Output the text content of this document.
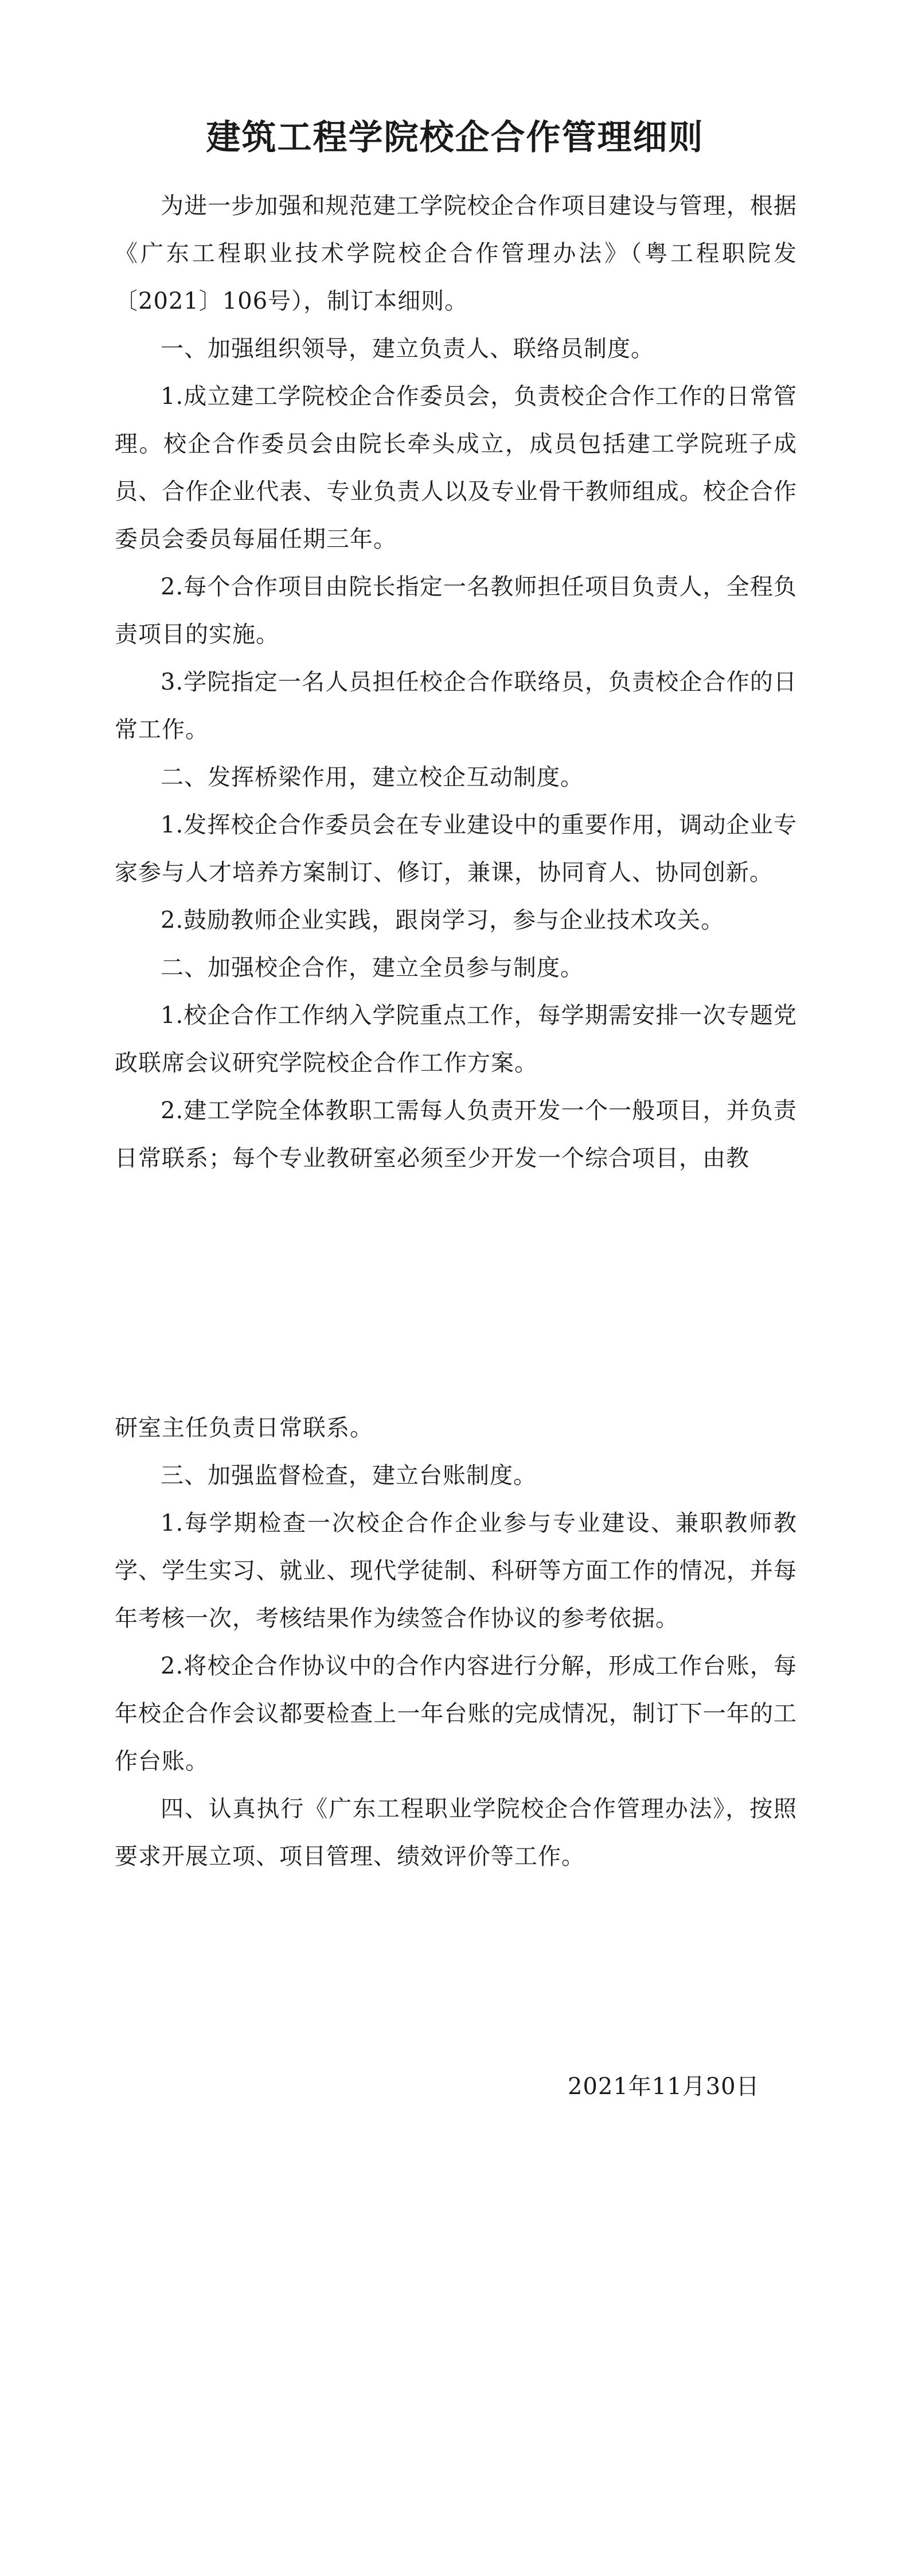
建筑工程学院校企合作管理细则

为进一步加强和规范建工学院校企合作项目建设与管理，根据《广东工程职业技术学院校企合作管理办法》（粤工程职院发〔2021〕106号），制订本细则。

一、加强组织领导，建立负责人、联络员制度。

1.成立建工学院校企合作委员会，负责校企合作工作的日常管理。校企合作委员会由院长牵头成立，成员包括建工学院班子成员、合作企业代表、专业负责人以及专业骨干教师组成。校企合作委员会委员每届任期三年。

2.每个合作项目由院长指定一名教师担任项目负责人，全程负责项目的实施。

3.学院指定一名人员担任校企合作联络员，负责校企合作的日常工作。

二、发挥桥梁作用，建立校企互动制度。

1.发挥校企合作委员会在专业建设中的重要作用，调动企业专家参与人才培养方案制订、修订，兼课，协同育人、协同创新。

2.鼓励教师企业实践，跟岗学习，参与企业技术攻关。

二、加强校企合作，建立全员参与制度。

1.校企合作工作纳入学院重点工作，每学期需安排一次专题党政联席会议研究学院校企合作工作方案。

2.建工学院全体教职工需每人负责开发一个一般项目，并负责日常联系；每个专业教研室必须至少开发一个综合项目，由教

研室主任负责日常联系。

三、加强监督检查，建立台账制度。

1.每学期检查一次校企合作企业参与专业建设、兼职教师教学、学生实习、就业、现代学徒制、科研等方面工作的情况，并每年考核一次，考核结果作为续签合作协议的参考依据。

2.将校企合作协议中的合作内容进行分解，形成工作台账，每年校企合作会议都要检查上一年台账的完成情况，制订下一年的工作台账。

四、认真执行《广东工程职业学院校企合作管理办法》，按照要求开展立项、项目管理、绩效评价等工作。

2021年11月30日
